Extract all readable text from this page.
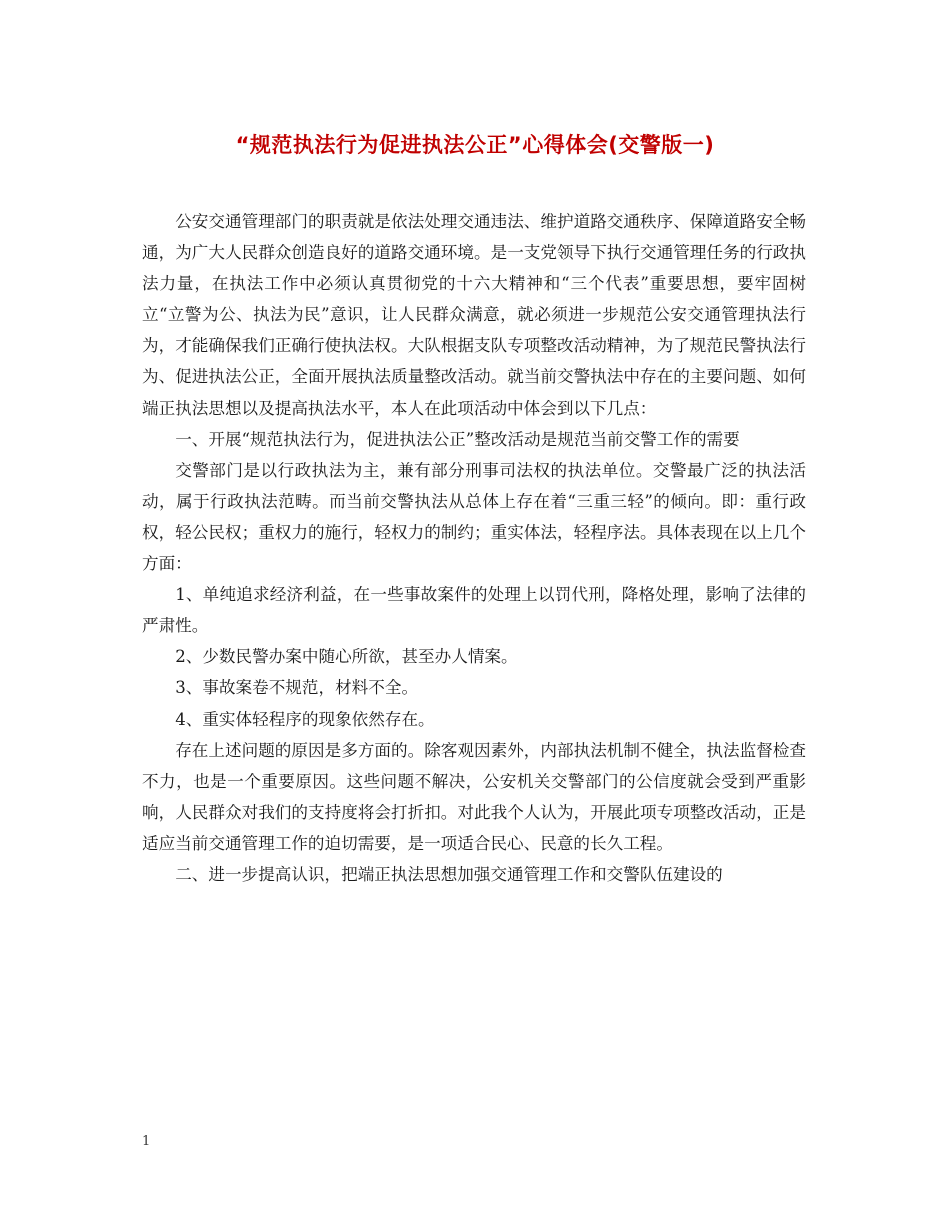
“规范执法行为促进执法公正”心得体会(交警版一)

公安交通管理部门的职责就是依法处理交通违法、维护道路交通秩序、保障道路安全畅通，为广大人民群众创造良好的道路交通环境。是一支党领导下执行交通管理任务的行政执法力量，在执法工作中必须认真贯彻党的十六大精神和“三个代表”重要思想，要牢固树立“立警为公、执法为民”意识，让人民群众满意，就必须进一步规范公安交通管理执法行为，才能确保我们正确行使执法权。大队根据支队专项整改活动精神，为了规范民警执法行为、促进执法公正，全面开展执法质量整改活动。就当前交警执法中存在的主要问题、如何端正执法思想以及提高执法水平，本人在此项活动中体会到以下几点：

一、开展“规范执法行为，促进执法公正”整改活动是规范当前交警工作的需要

交警部门是以行政执法为主，兼有部分刑事司法权的执法单位。交警最广泛的执法活动，属于行政执法范畴。而当前交警执法从总体上存在着“三重三轻”的倾向。即：重行政权，轻公民权；重权力的施行，轻权力的制约；重实体法，轻程序法。具体表现在以上几个方面：

1、单纯追求经济利益，在一些事故案件的处理上以罚代刑，降格处理，影响了法律的严肃性。

2、少数民警办案中随心所欲，甚至办人情案。

3、事故案卷不规范，材料不全。

4、重实体轻程序的现象依然存在。

存在上述问题的原因是多方面的。除客观因素外，内部执法机制不健全，执法监督检查不力，也是一个重要原因。这些问题不解决，公安机关交警部门的公信度就会受到严重影响，人民群众对我们的支持度将会打折扣。对此我个人认为，开展此项专项整改活动，正是适应当前交通管理工作的迫切需要，是一项适合民心、民意的长久工程。

二、进一步提高认识，把端正执法思想加强交通管理工作和交警队伍建设的

1
